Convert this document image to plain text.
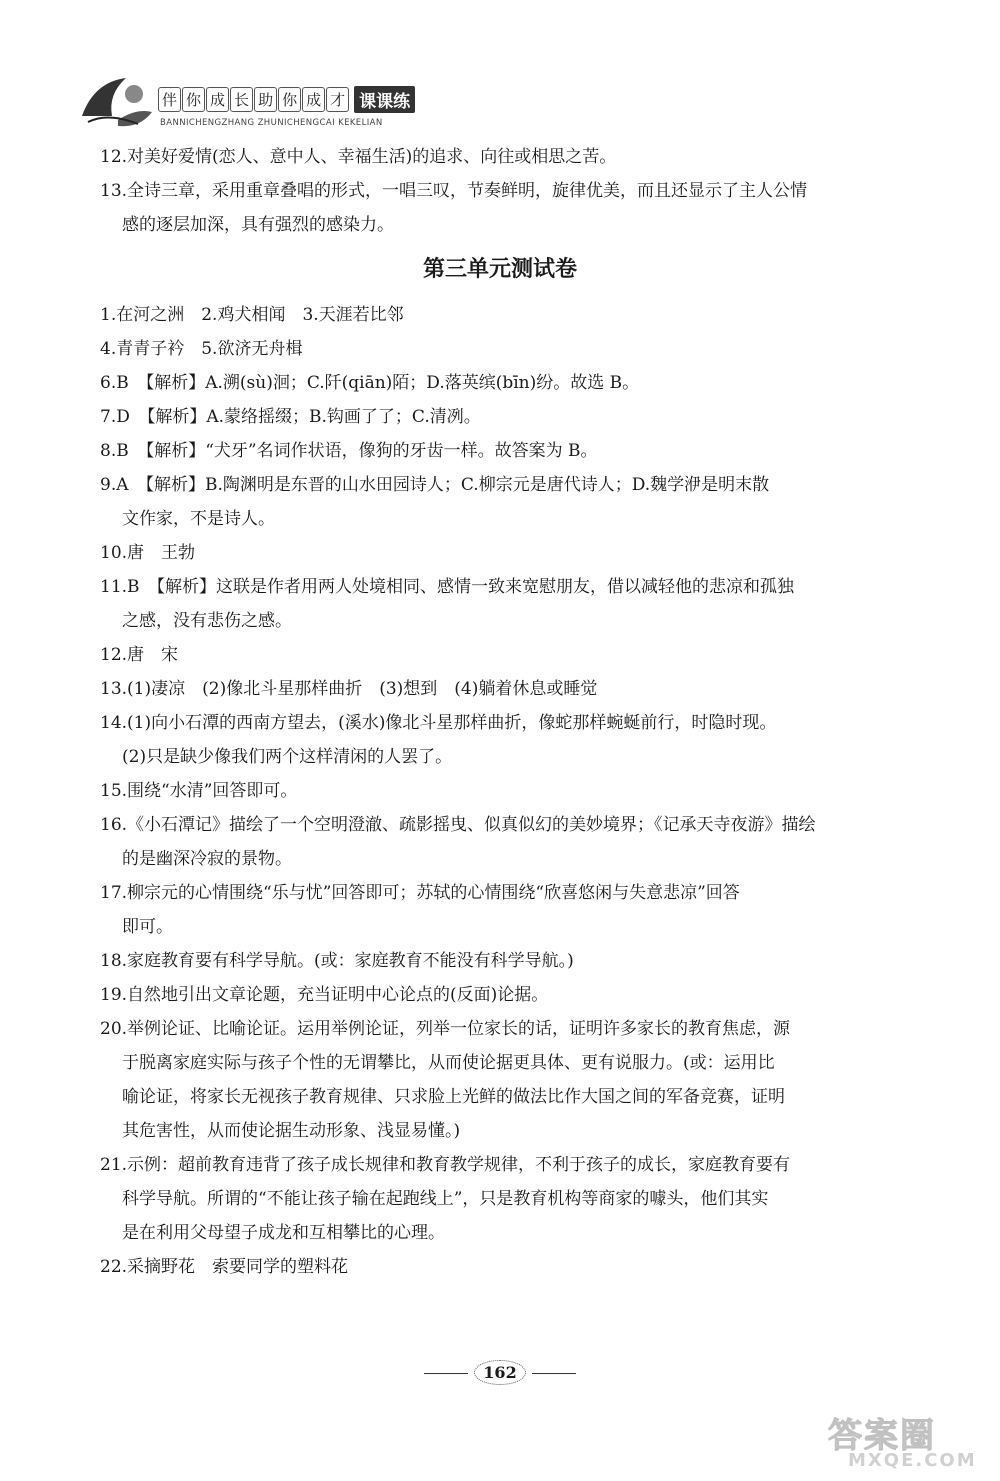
伴 你 成 长 助 你 成 才 课课练
BANNICHENGZHANG ZHUNICHENGCAI KEKELIAN
12.对美好爱情(恋人、意中人、幸福生活)的追求、向往或相思之苦。
13.全诗三章，采用重章叠唱的形式，一唱三叹，节奏鲜明，旋律优美，而且还显示了主人公情
感的逐层加深，具有强烈的感染力。
第三单元测试卷
1.在河之洲　2.鸡犬相闻　3.天涯若比邻
4.青青子衿　5.欲济无舟楫
6.B　【解析】A.溯(sù)洄；C.阡(qiān)陌；D.落英缤(bīn)纷。故选 B。
7.D　【解析】A.蒙络摇缀；B.钩画了了；C.清冽。
8.B　【解析】“犬牙”名词作状语，像狗的牙齿一样。故答案为 B。
9.A　【解析】B.陶渊明是东晋的山水田园诗人；C.柳宗元是唐代诗人；D.魏学洢是明末散
文作家，不是诗人。
10.唐　王勃
11.B　【解析】这联是作者用两人处境相同、感情一致来宽慰朋友，借以减轻他的悲凉和孤独
之感，没有悲伤之感。
12.唐　宋
13.(1)凄凉　(2)像北斗星那样曲折　(3)想到　(4)躺着休息或睡觉
14.(1)向小石潭的西南方望去，(溪水)像北斗星那样曲折，像蛇那样蜿蜒前行，时隐时现。
(2)只是缺少像我们两个这样清闲的人罢了。
15.围绕“水清”回答即可。
16.《小石潭记》描绘了一个空明澄澈、疏影摇曳、似真似幻的美妙境界；《记承天寺夜游》描绘
的是幽深冷寂的景物。
17.柳宗元的心情围绕“乐与忧”回答即可；苏轼的心情围绕“欣喜悠闲与失意悲凉”回答
即可。
18.家庭教育要有科学导航。(或：家庭教育不能没有科学导航。)
19.自然地引出文章论题，充当证明中心论点的(反面)论据。
20.举例论证、比喻论证。运用举例论证，列举一位家长的话，证明许多家长的教育焦虑，源
于脱离家庭实际与孩子个性的无谓攀比，从而使论据更具体、更有说服力。(或：运用比
喻论证，将家长无视孩子教育规律、只求脸上光鲜的做法比作大国之间的军备竞赛，证明
其危害性，从而使论据生动形象、浅显易懂。)
21.示例：超前教育违背了孩子成长规律和教育教学规律，不利于孩子的成长，家庭教育要有
科学导航。所谓的“不能让孩子输在起跑线上”，只是教育机构等商家的噱头，他们其实
是在利用父母望子成龙和互相攀比的心理。
22.采摘野花　索要同学的塑料花
162
答案圈
MXQE.COM
